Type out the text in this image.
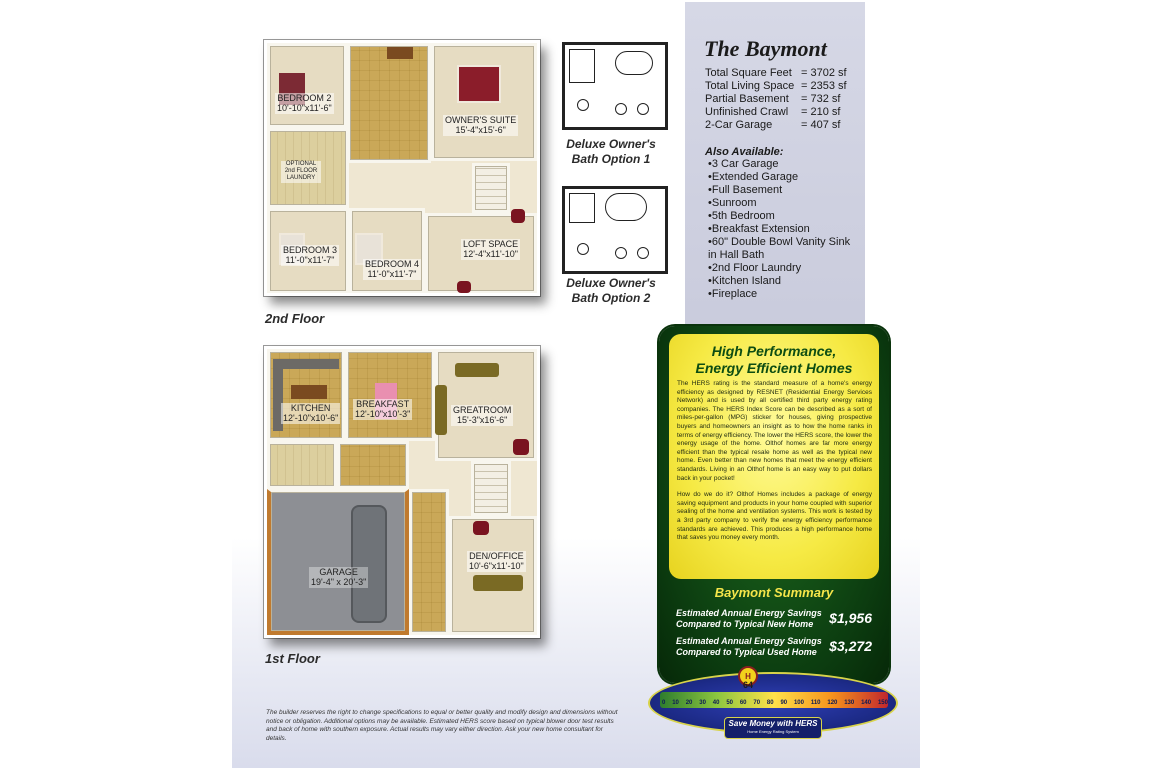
BEDROOM 2
10'-10"x11'-6"
OWNER'S SUITE
15'-4"x15'-6"
OPTIONAL 2nd FLOOR LAUNDRY
BEDROOM 3
11'-0"x11'-7"	BEDROOM 4
11'-0"x11'-7"
LOFT SPACE
12'-4"x11'-10"
2nd Floor
KITCHEN
12'-10"x10'-6"
BREAKFAST
12'-10"x10'-3"	GREATROOM
15'-3"x16'-6"
GARAGE
19'-4" x 20'-3"
DEN/OFFICE
10'-6"x11'-10"
1st Floor
Deluxe Owner's
Bath Option 1
Deluxe Owner's
Bath Option 2
The Baymont
Total Square Feet = 3702 sf
Total Living Space = 2353 sf
Partial Basement	= 732 sf
Unfinished Crawl	= 210 sf
2-Car Garage	= 407 sf
Also Available:
• 3 Car Garage
• Extended Garage
• Full Basement
• Sunroom
• 5th Bedroom
• Breakfast Extension
• 60" Double Bowl Vanity Sink in Hall Bath
• 2nd Floor Laundry
• Kitchen Island
• Fireplace
High Performance,
Energy Efficient Homes

The HERS rating is the standard measure of a home's energy efficiency as designed by RESNET (Residential Energy Services Network) and is used by all certified third party energy rating companies. The HERS Index Score can be described as a sort of miles-per-gallon (MPG) sticker for houses, giving prospective buyers and homeowners an insight as to how the home ranks in terms of energy efficiency. The lower the HERS score, the lower the energy usage of the home. Olthof homes are far more energy efficient than the typical resale home as well as the typical new home. Even better than new homes that meet the energy efficient standards. Living in an Olthof home is an easy way to put dollars back in your pocket!

How do we do it? Olthof Homes includes a package of energy saving equipment and products in your home coupled with superior sealing of the home and ventilation systems. This work is tested by a 3rd party company to verify the energy efficiency performance standards are achieved. This produces a high performance home that saves you money every month.

Baymont Summary
Estimated Annual Energy Savings
Compared to Typical New Home	$1,956
Estimated Annual Energy Savings
Compared to Typical Used Home $3,272
0 10 20 30 40 50 60 70 80 90 100 110 120 130 140 150
H
64
Save Money with HERS
Home Energy Rating System
The builder reserves the right to change specifications to equal or better quality and modify design and dimensions without notice or obligation. Additional options may be available. Estimated HERS score based on typical blower door test results and back of home with southern exposure. Actual results may vary either direction. Ask your new home consultant for details.
